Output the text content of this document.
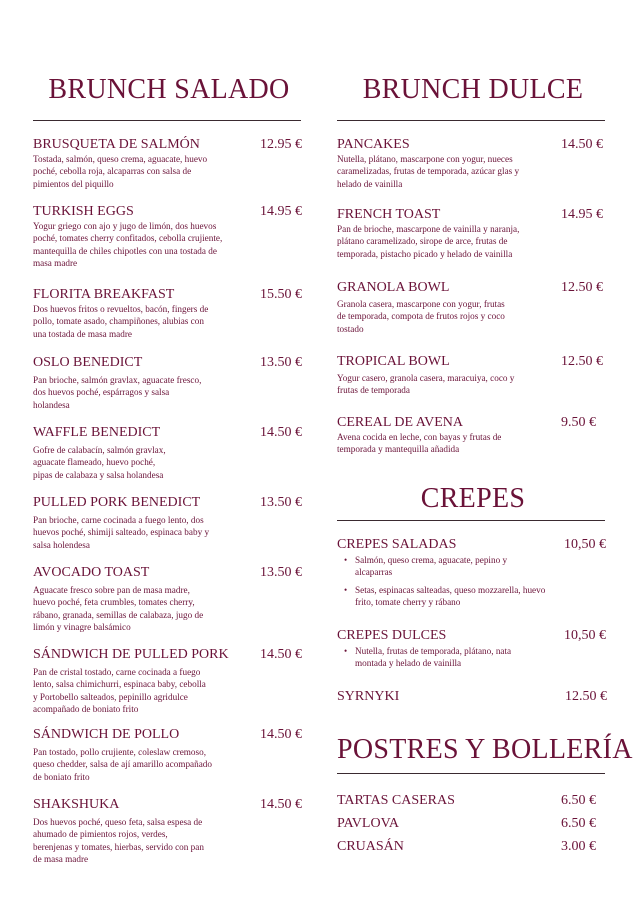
BRUNCH SALADO
BRUSQUETA DE SALMÓN	12.95 €
Tostada, salmón, queso crema, aguacate, huevo
poché, cebolla roja, alcaparras con salsa de
pimientos del piquillo
TURKISH EGGS	14.95 €
Yogur griego con ajo y jugo de limón, dos huevos
poché, tomates cherry confitados, cebolla crujiente,
mantequilla de chiles chipotles con una tostada de
masa madre
FLORITA BREAKFAST	15.50 €
Dos huevos fritos o revueltos, bacón, fingers de
pollo, tomate asado, champiñones, alubias con
una tostada de masa madre
OSLO BENEDICT	13.50 €
Pan brioche, salmón gravlax, aguacate fresco,
dos huevos poché, espárragos y salsa
holandesa
WAFFLE BENEDICT	14.50 €
Gofre de calabacín, salmón gravlax,
aguacate flameado, huevo poché,
pipas de calabaza y salsa holandesa
PULLED PORK BENEDICT	13.50 €
Pan brioche, carne cocinada a fuego lento, dos
huevos poché, shimiji salteado, espinaca baby y
salsa holendesa
AVOCADO TOAST	13.50 €
Aguacate fresco sobre pan de masa madre,
huevo poché, feta crumbles, tomates cherry,
rábano, granada, semillas de calabaza, jugo de
limón y vinagre balsámico
SÁNDWICH DE PULLED PORK 14.50 €
Pan de cristal tostado, carne cocinada a fuego
lento, salsa chimichurri, espinaca baby, cebolla
y Portobello salteados, pepinillo agridulce
acompañado de boniato frito
SÁNDWICH DE POLLO	14.50 €
Pan tostado, pollo crujiente, coleslaw cremoso,
queso chedder, salsa de ají amarillo acompañado
de boniato frito
SHAKSHUKA	14.50 €
Dos huevos poché, queso feta, salsa espesa de
ahumado de pimientos rojos, verdes,
berenjenas y tomates, hierbas, servido con pan
de masa madre
BRUNCH DULCE
PANCAKES	14.50 €
Nutella, plátano, mascarpone con yogur, nueces
caramelizadas, frutas de temporada, azúcar glas y
helado de vainilla
FRENCH TOAST	14.95 €
Pan de brioche, mascarpone de vainilla y naranja,
plátano caramelizado, sirope de arce, frutas de
temporada, pistacho picado y helado de vainilla
GRANOLA BOWL	12.50 €
Granola casera, mascarpone con yogur, frutas
de temporada, compota de frutos rojos y coco
tostado
TROPICAL BOWL	12.50 €
Yogur casero, granola casera, maracuiya, coco y
frutas de temporada
CEREAL DE AVENA	9.50 €
Avena cocida en leche, con bayas y frutas de
temporada y mantequilla añadida
CREPES
CREPES SALADAS	10,50 €
• Salmón, queso crema, aguacate, pepino y
alcaparras
• Setas, espinacas salteadas, queso mozzarella, huevo
frito, tomate cherry y rábano
CREPES DULCES	10,50 €
• Nutella, frutas de temporada, plátano, nata
montada y helado de vainilla
SYRNYKI	12.50 €
POSTRES Y BOLLERÍA
TARTAS CASERAS	6.50 €
PAVLOVA	6.50 €
CRUASÁN	3.00 €
